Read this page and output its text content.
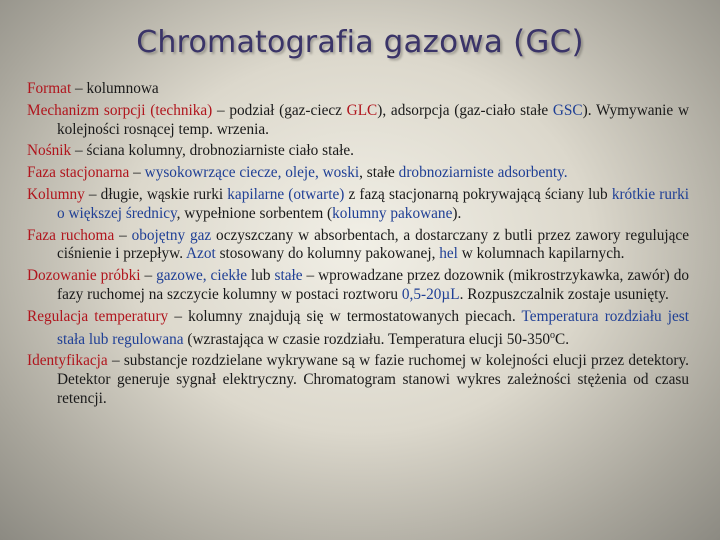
Chromatografia gazowa (GC)
Format – kolumnowa
Mechanizm sorpcji (technika) – podział (gaz-ciecz GLC), adsorpcja (gaz-ciało stałe GSC). Wymywanie w kolejności rosnącej temp. wrzenia.
Nośnik – ściana kolumny, drobnoziarniste ciało stałe.
Faza stacjonarna – wysokowrzące ciecze, oleje, woski, stałe drobnoziarniste adsorbenty.
Kolumny – długie, wąskie rurki kapilarne (otwarte) z fazą stacjonarną pokrywającą ściany lub krótkie rurki o większej średnicy, wypełnione sorbentem (kolumny pakowane).
Faza ruchoma – obojętny gaz oczyszczany w absorbentach, a dostarczany z butli przez zawory regulujące ciśnienie i przepływ. Azot stosowany do kolumny pakowanej, hel w kolumnach kapilarnych.
Dozowanie próbki – gazowe, ciekłe lub stałe – wprowadzane przez dozownik (mikrostrzykawka, zawór) do fazy ruchomej na szczycie kolumny w postaci roztworu 0,5-20µL. Rozpuszczalnik zostaje usunięty.
Regulacja temperatury – kolumny znajdują się w termostatowanych piecach. Temperatura rozdziału jest stała lub regulowana (wzrastająca w czasie rozdziału. Temperatura elucji 50-350$^o$C.
Identyfikacja – substancje rozdzielane wykrywane są w fazie ruchomej w kolejności elucji przez detektory. Detektor generuje sygnał elektryczny. Chromatogram stanowi wykres zależności stężenia od czasu retencji.
